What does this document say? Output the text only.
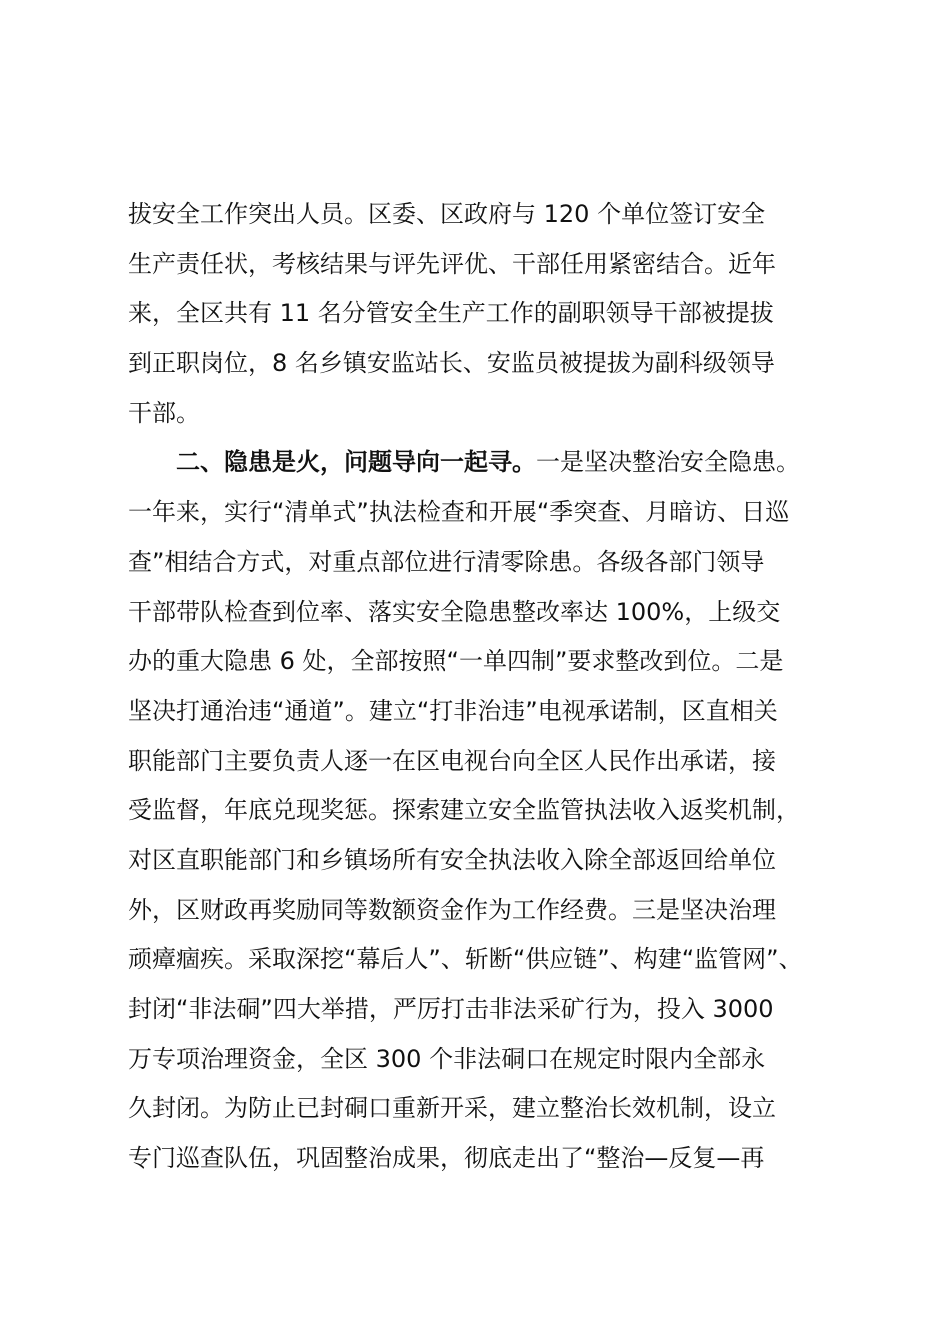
拔安全工作突出人员。区委、区政府与 120 个单位签订安全
生产责任状，考核结果与评先评优、干部任用紧密结合。近年
来，全区共有 11 名分管安全生产工作的副职领导干部被提拔
到正职岗位，8 名乡镇安监站长、安监员被提拔为副科级领导
干部。
二、隐患是火，问题导向一起寻。一是坚决整治安全隐患。
一年来，实行“清单式”执法检查和开展“季突查、月暗访、日巡
查”相结合方式，对重点部位进行清零除患。各级各部门领导
干部带队检查到位率、落实安全隐患整改率达 100%，上级交
办的重大隐患 6 处，全部按照“一单四制”要求整改到位。二是
坚决打通治违“通道”。建立“打非治违”电视承诺制，区直相关
职能部门主要负责人逐一在区电视台向全区人民作出承诺，接
受监督，年底兑现奖惩。探索建立安全监管执法收入返奖机制，
对区直职能部门和乡镇场所有安全执法收入除全部返回给单位
外，区财政再奖励同等数额资金作为工作经费。三是坚决治理
顽瘴痼疾。采取深挖“幕后人”、斩断“供应链”、构建“监管网”、
封闭“非法硐”四大举措，严厉打击非法采矿行为，投入 3000
万专项治理资金，全区 300 个非法硐口在规定时限内全部永
久封闭。为防止已封硐口重新开采，建立整治长效机制，设立
专门巡查队伍，巩固整治成果，彻底走出了“整治—反复—再
